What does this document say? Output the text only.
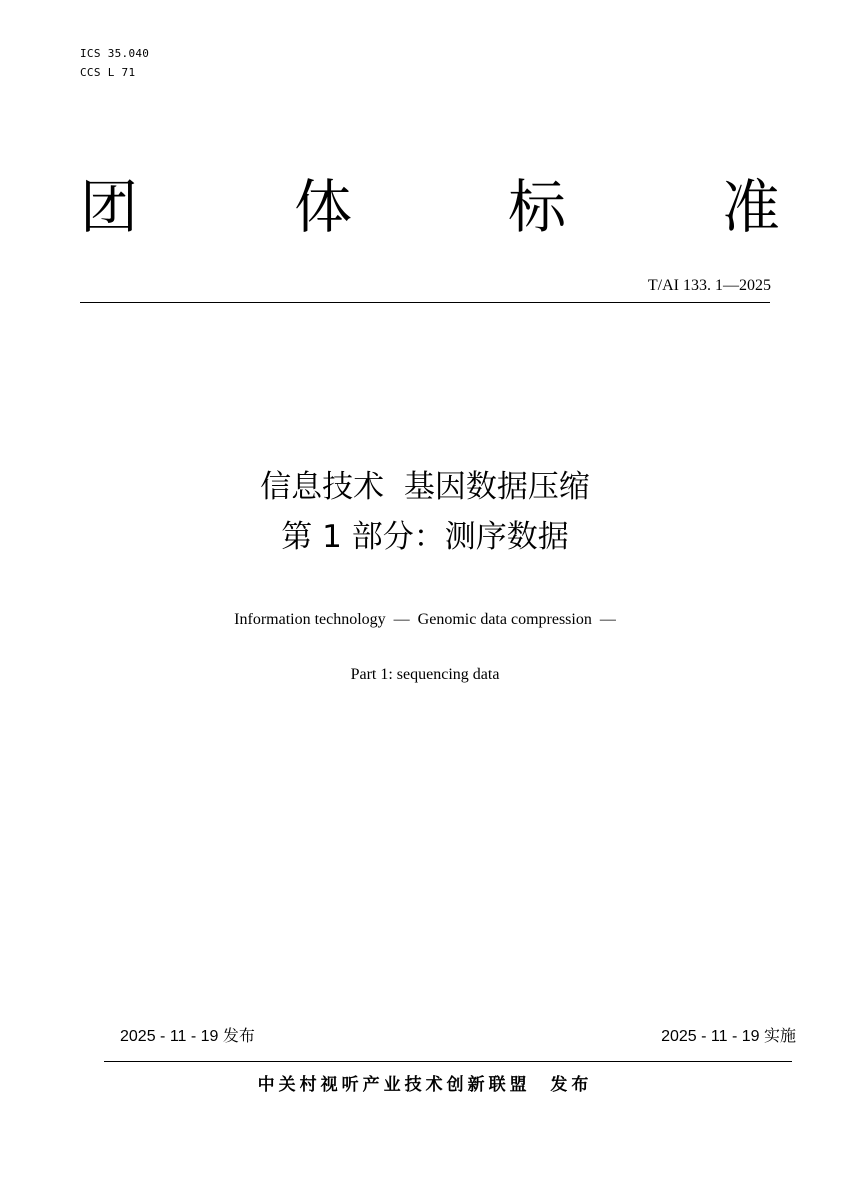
ICS 35.040
CCS L 71
团	体	标	准
T/AI 133. 1—2025
信息技术  基因数据压缩
第 1 部分：测序数据
Information technology  —  Genomic data compression  —
Part 1: sequencing data
2025 - 11 - 19 发布	2025 - 11 - 19 实施
中关村视听产业技术创新联盟  发布
